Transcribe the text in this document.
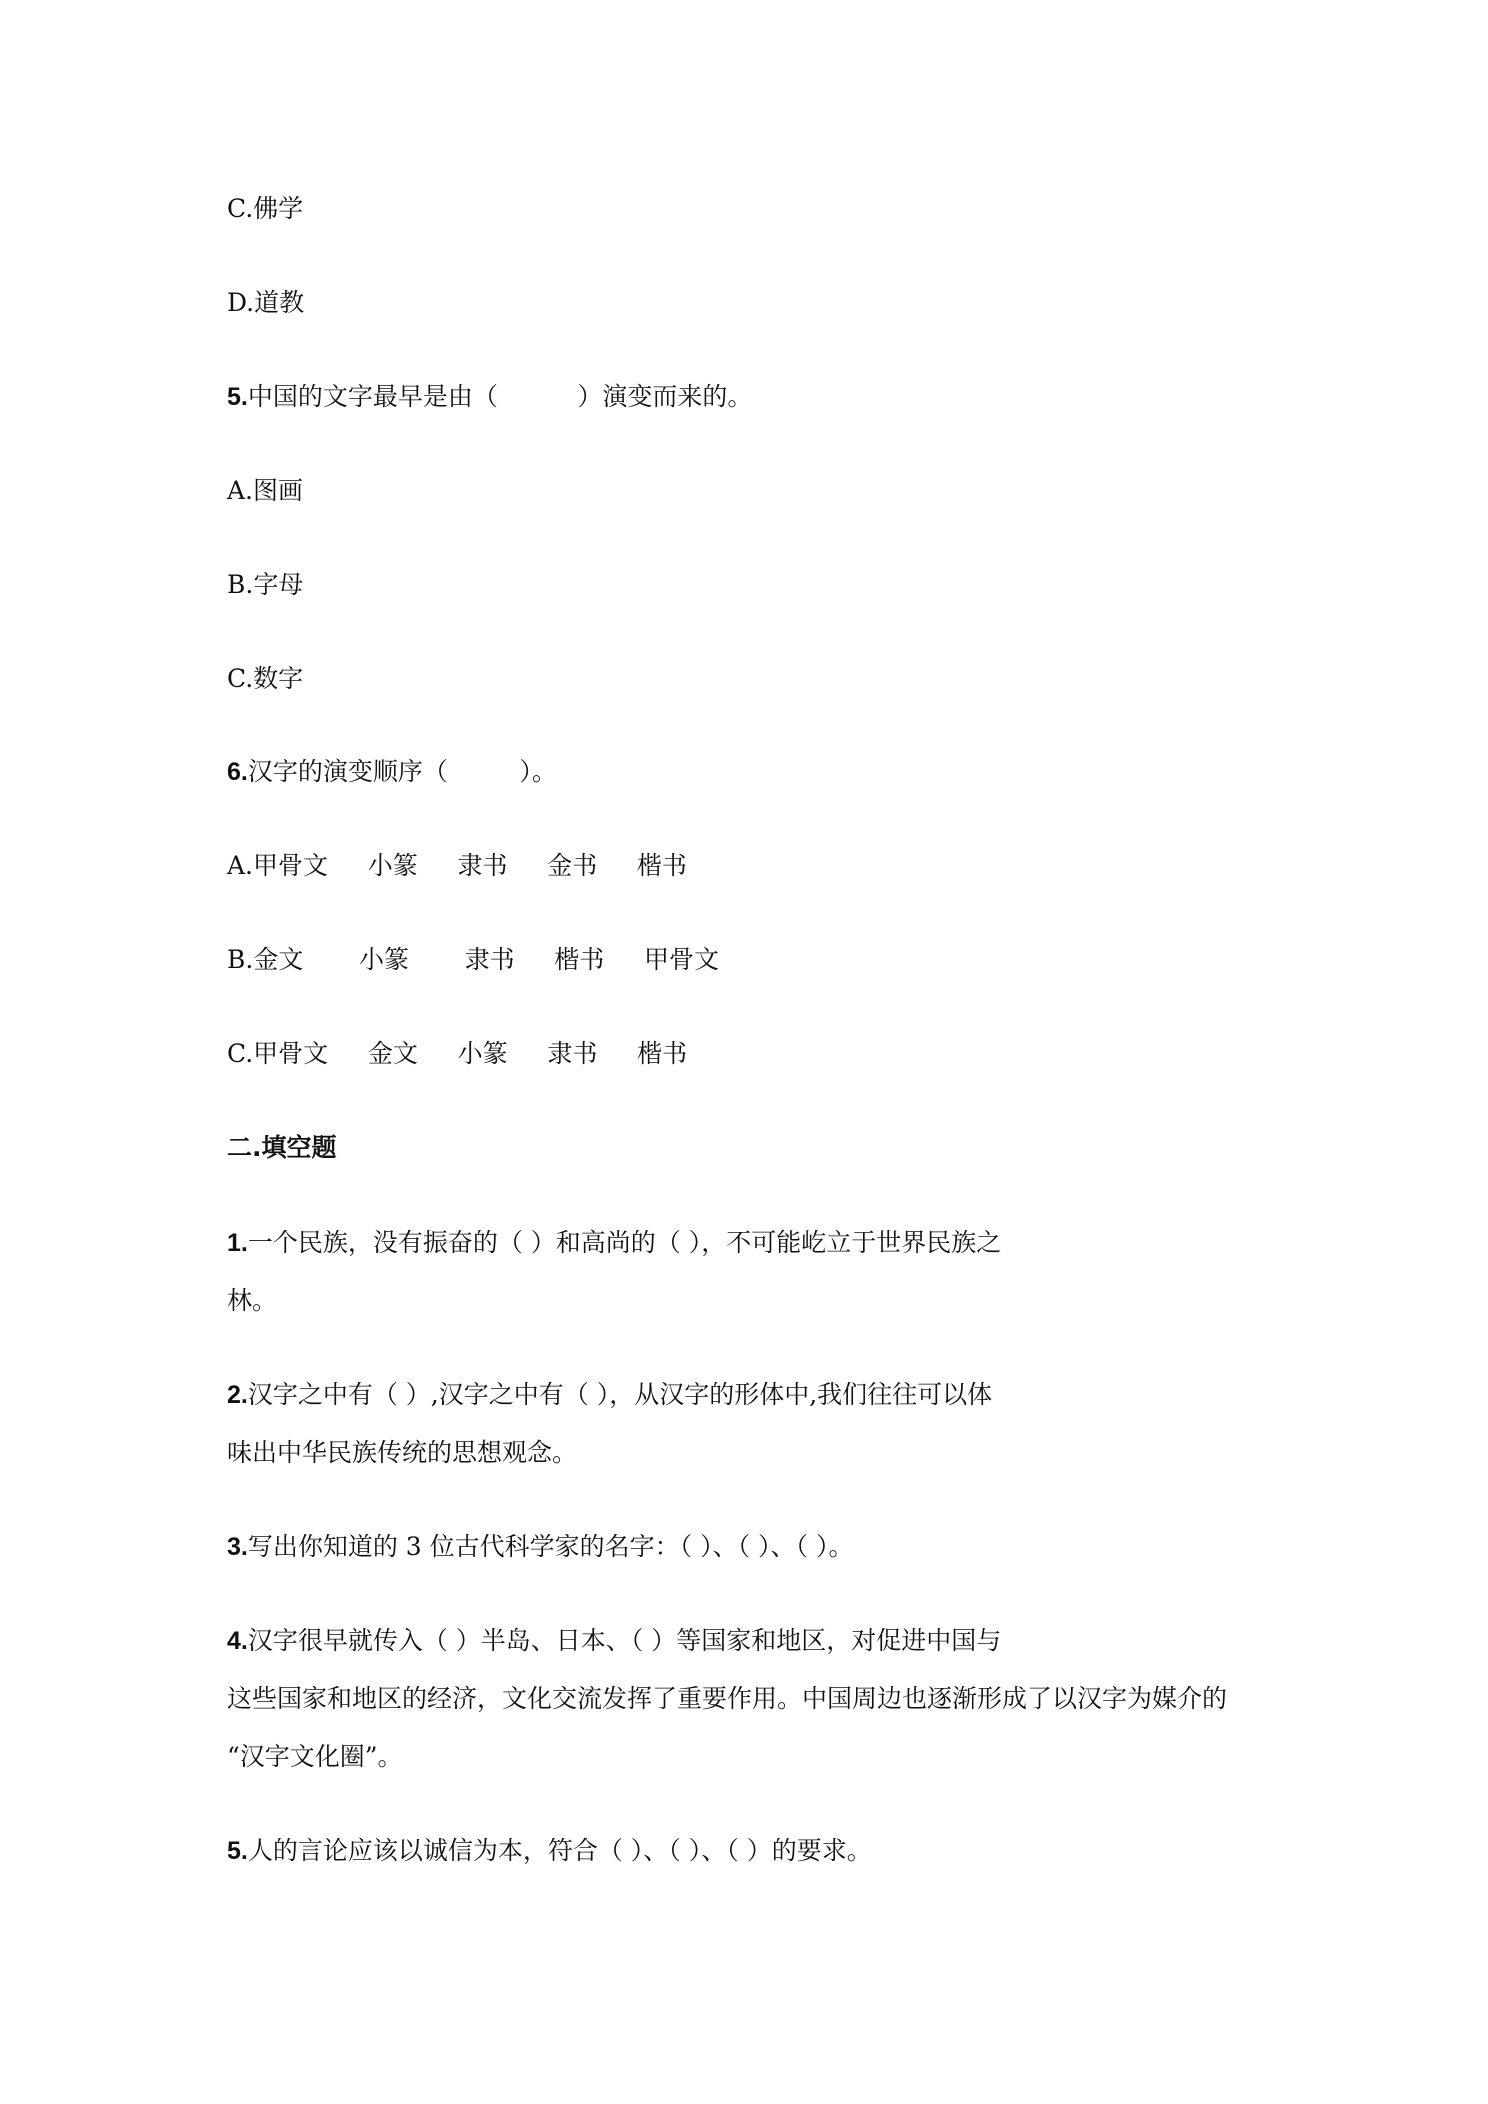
C.佛学
D.道教
5.中国的文字最早是由（          ）演变而来的。
A.图画
B.字母
C.数字
6.汉字的演变顺序（         ）。
A.甲骨文     小篆     隶书     金书     楷书
B.金文       小篆       隶书     楷书     甲骨文
C.甲骨文     金文     小篆     隶书     楷书
二.填空题
1.一个民族，没有振奋的（ ）和高尚的（ ），不可能屹立于世界民族之
林。
2.汉字之中有（ ）,汉字之中有（ ），从汉字的形体中,我们往往可以体
味出中华民族传统的思想观念。
3.写出你知道的 3 位古代科学家的名字：（ ）、（ ）、（ ）。
4.汉字很早就传入（ ）半岛、日本、（ ）等国家和地区，对促进中国与
这些国家和地区的经济，文化交流发挥了重要作用。中国周边也逐渐形成了以汉字为媒介的
“汉字文化圈”。
5.人的言论应该以诚信为本，符合（ ）、（ ）、（ ）的要求。
